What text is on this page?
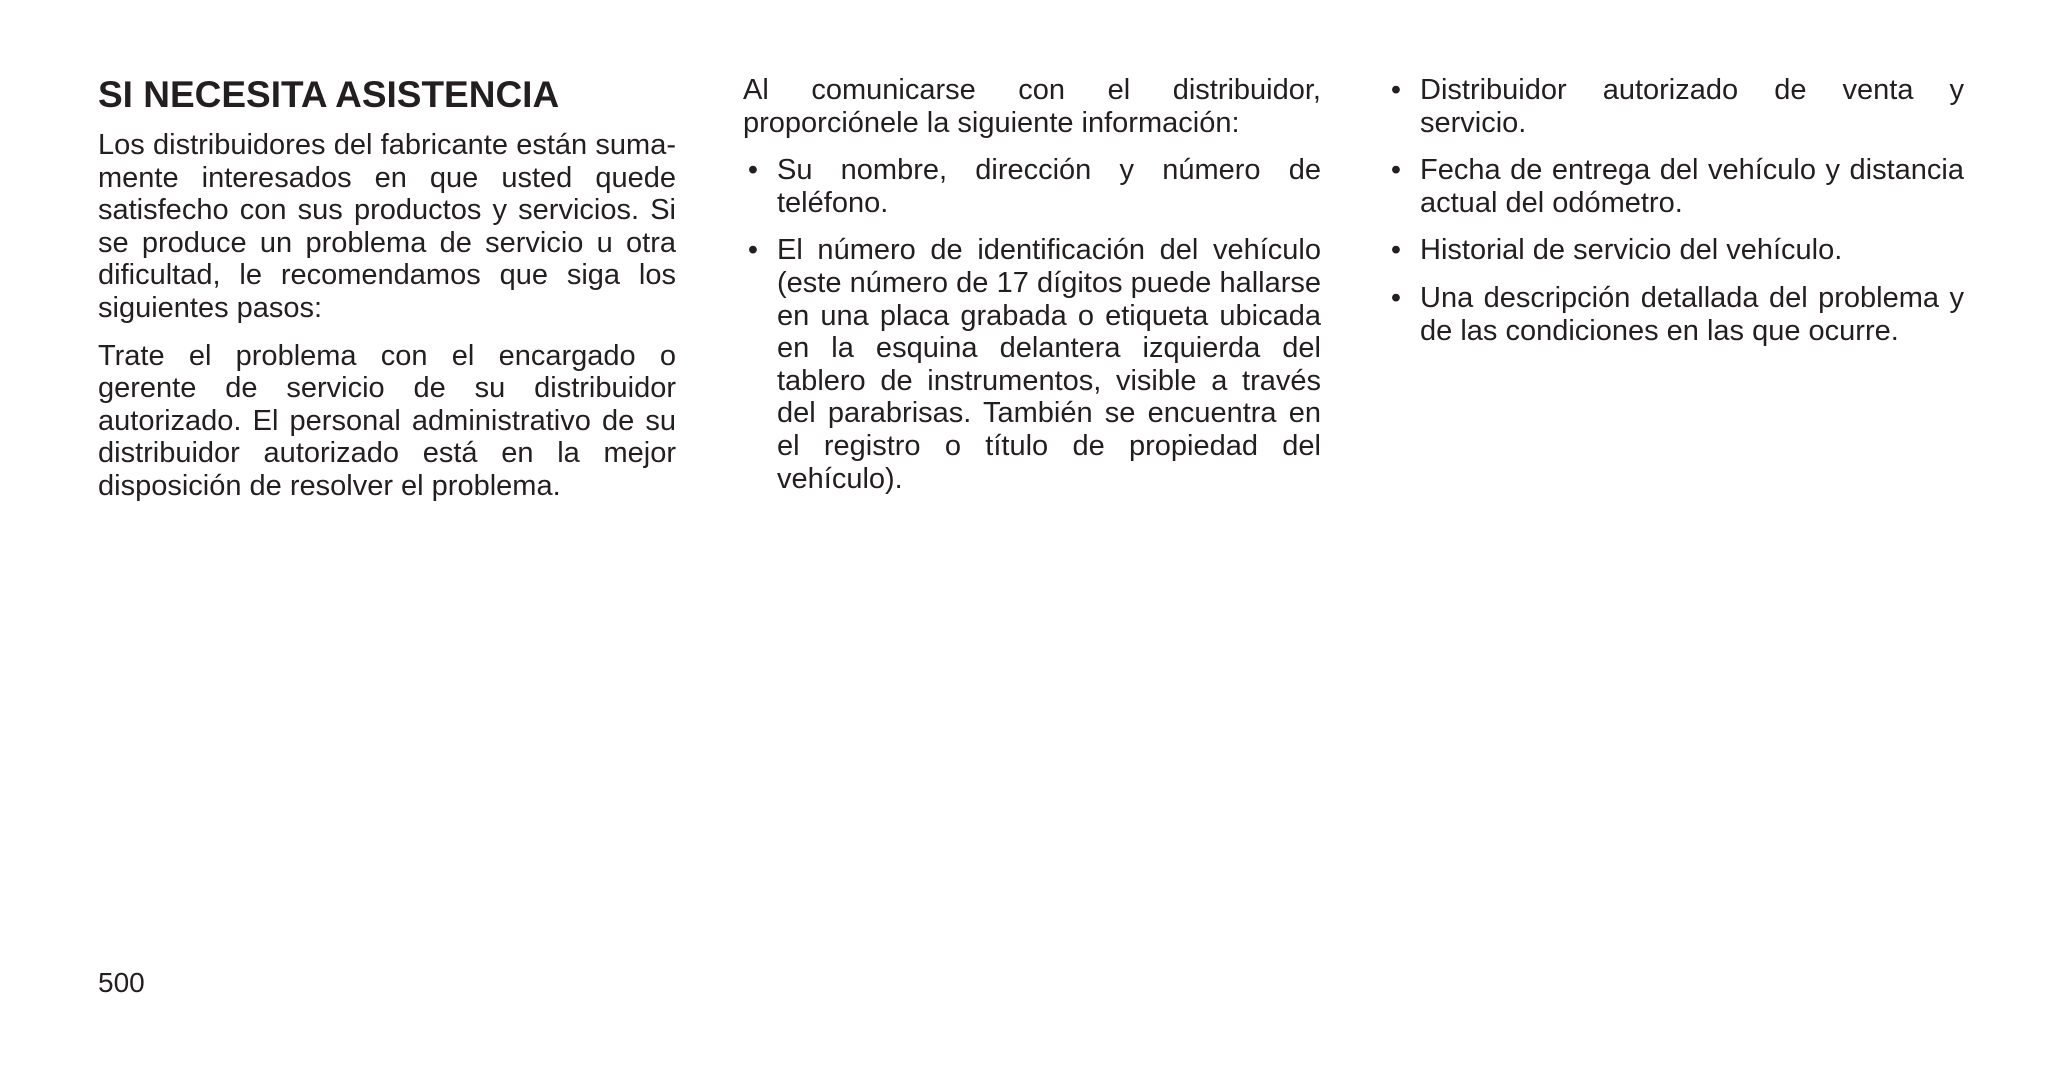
SI NECESITA ASISTENCIA

Los distribuidores del fabricante están sumamente interesados en que usted quede satisfecho con sus productos y servicios. Si se produce un problema de servicio u otra dificultad, le recomendamos que siga los siguientes pasos:

Trate el problema con el encargado o gerente de servicio de su distribuidor autorizado. El personal administrativo de su distribuidor autorizado está en la mejor disposición de resolver el problema.

Al comunicarse con el distribuidor, proporciónele la siguiente información:

• Su nombre, dirección y número de teléfono.
• El número de identificación del vehículo (este número de 17 dígitos puede hallarse en una placa grabada o etiqueta ubicada en la esquina delantera izquierda del tablero de instrumentos, visible a través del parabrisas. También se encuentra en el registro o título de propiedad del vehículo).
• Distribuidor autorizado de venta y servicio.
• Fecha de entrega del vehículo y distancia actual del odómetro.
• Historial de servicio del vehículo.
• Una descripción detallada del problema y de las condiciones en las que ocurre.
500
